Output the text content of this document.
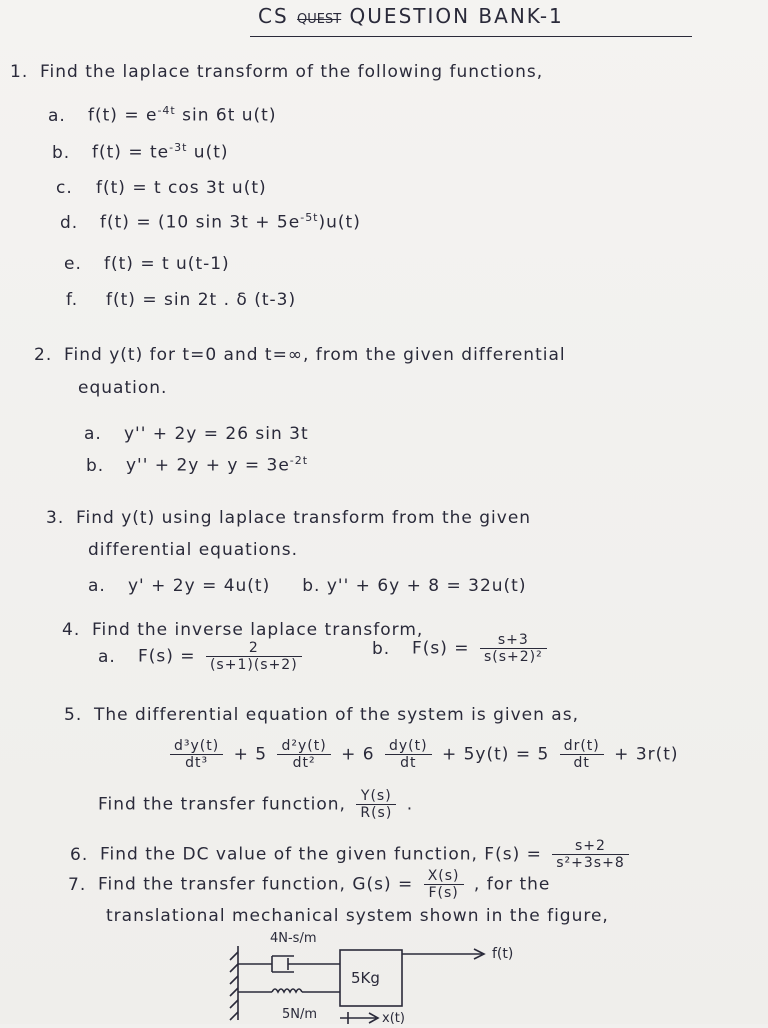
CS QUEST QUESTION BANK-1
1. Find the laplace transform of the following functions,
a. $f(t) = e^{-4t}$ sin 6t u(t)
b. $f(t) = te^{-3t}$ u(t)
c. f(t) = t cos 3t u(t)
d. f(t) = (10 $\sin 3t + 5e^{-5t})u(t)$
e. f(t) = t u(t-1)
f. f(t) = sin 2t . δ (t-3)
2. Find y(t) for t=0 and t=∞, from the given differential
equation.
a. y'' + 2y = 26 sin 3t
b. $y'' + 2y + y = 3e^{-2t}$
3. Find y(t) using laplace transform from the given
differential equations.
a. y' + 2y = 4u(t) b. y'' + 6y + 8 = 32u(t)
4. Find the inverse laplace transform,
a. $F(s) = \frac{2}{(s+1)(s+2)}$	b. $F(s) = \frac{s+3}{\text{s(s+2)²}}$
5. The differential equation of the system is given as,
$\frac{\text{d³y(t)}}{\text{dt³}} + 5 \frac{\text{d²y(t)}}{\text{dt²}} + 6 \frac{dy(t)}{dt} + 5y(t) = 5 \frac{dr(t)}{dt} + 3r(t)$
Find the transfer function, $\frac{Y(s)}{R(s)}$ .
6. Find the DC value of the given function, $F(s) = \frac{s+2}{\text{s²+3s+8}}$
7. Find the transfer function, $G(s) = \frac{X(s)}{F(s)}$ , for the
translational mechanical system shown in the figure,
4N-s/m
5Kg
f(t)
5N/m	x(t)
